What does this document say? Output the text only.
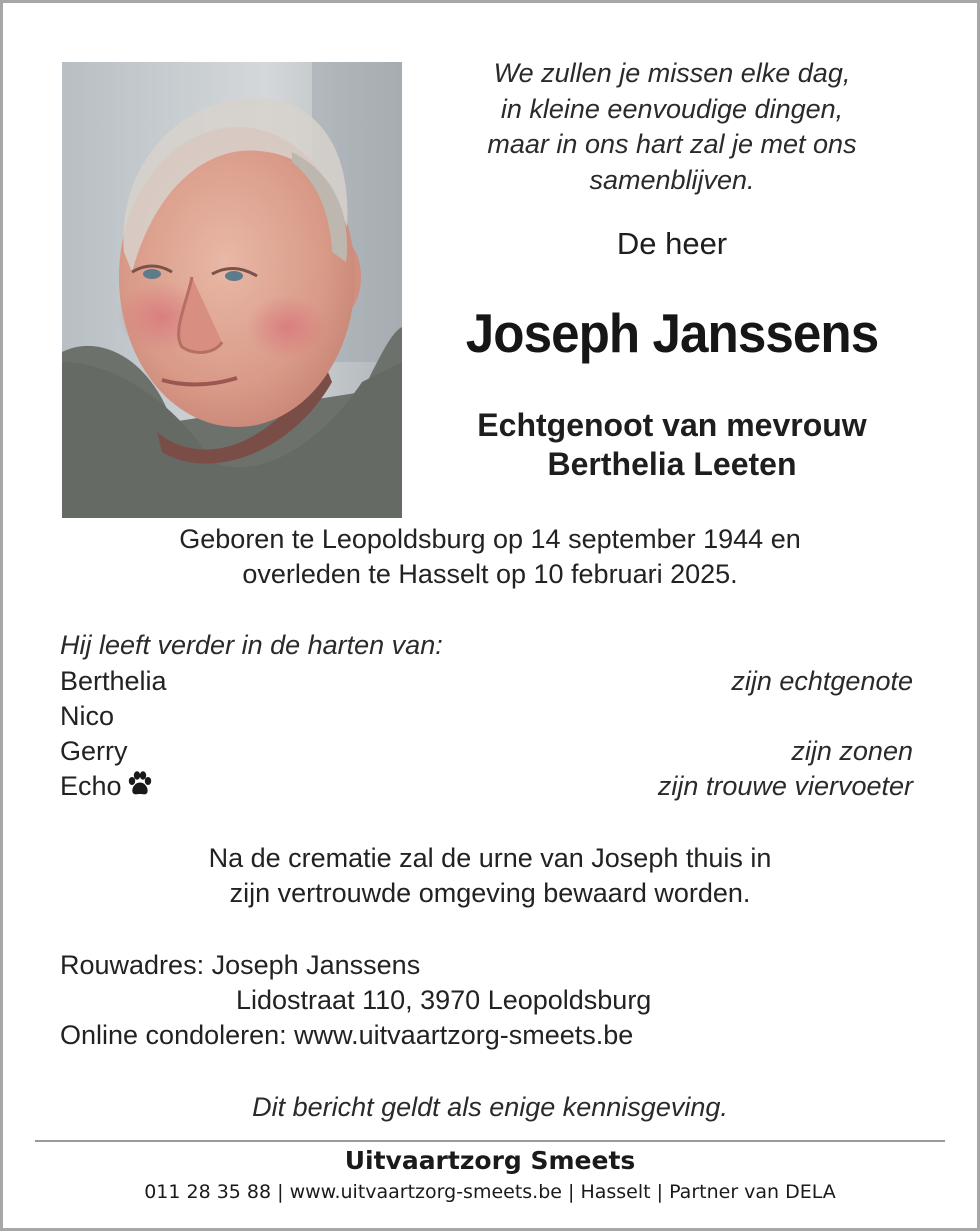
We zullen je missen elke dag,
in kleine eenvoudige dingen,
maar in ons hart zal je met ons
samenblijven.
De heer
Joseph Janssens
Echtgenoot van mevrouw
Berthelia Leeten
Geboren te Leopoldsburg op 14 september 1944 en
overleden te Hasselt op 10 februari 2025.
Hij leeft verder in de harten van:
Berthelia	zijn echtgenote
Nico
Gerry	zijn zonen
Echo	zijn trouwe viervoeter
Na de crematie zal de urne van Joseph thuis in
zijn vertrouwde omgeving bewaard worden.
Rouwadres: Joseph Janssens
Lidostraat 110, 3970 Leopoldsburg
Online condoleren: www.uitvaartzorg-smeets.be
Dit bericht geldt als enige kennisgeving.
Uitvaartzorg Smeets
011 28 35 88 | www.uitvaartzorg-smeets.be | Hasselt | Partner van DELA
